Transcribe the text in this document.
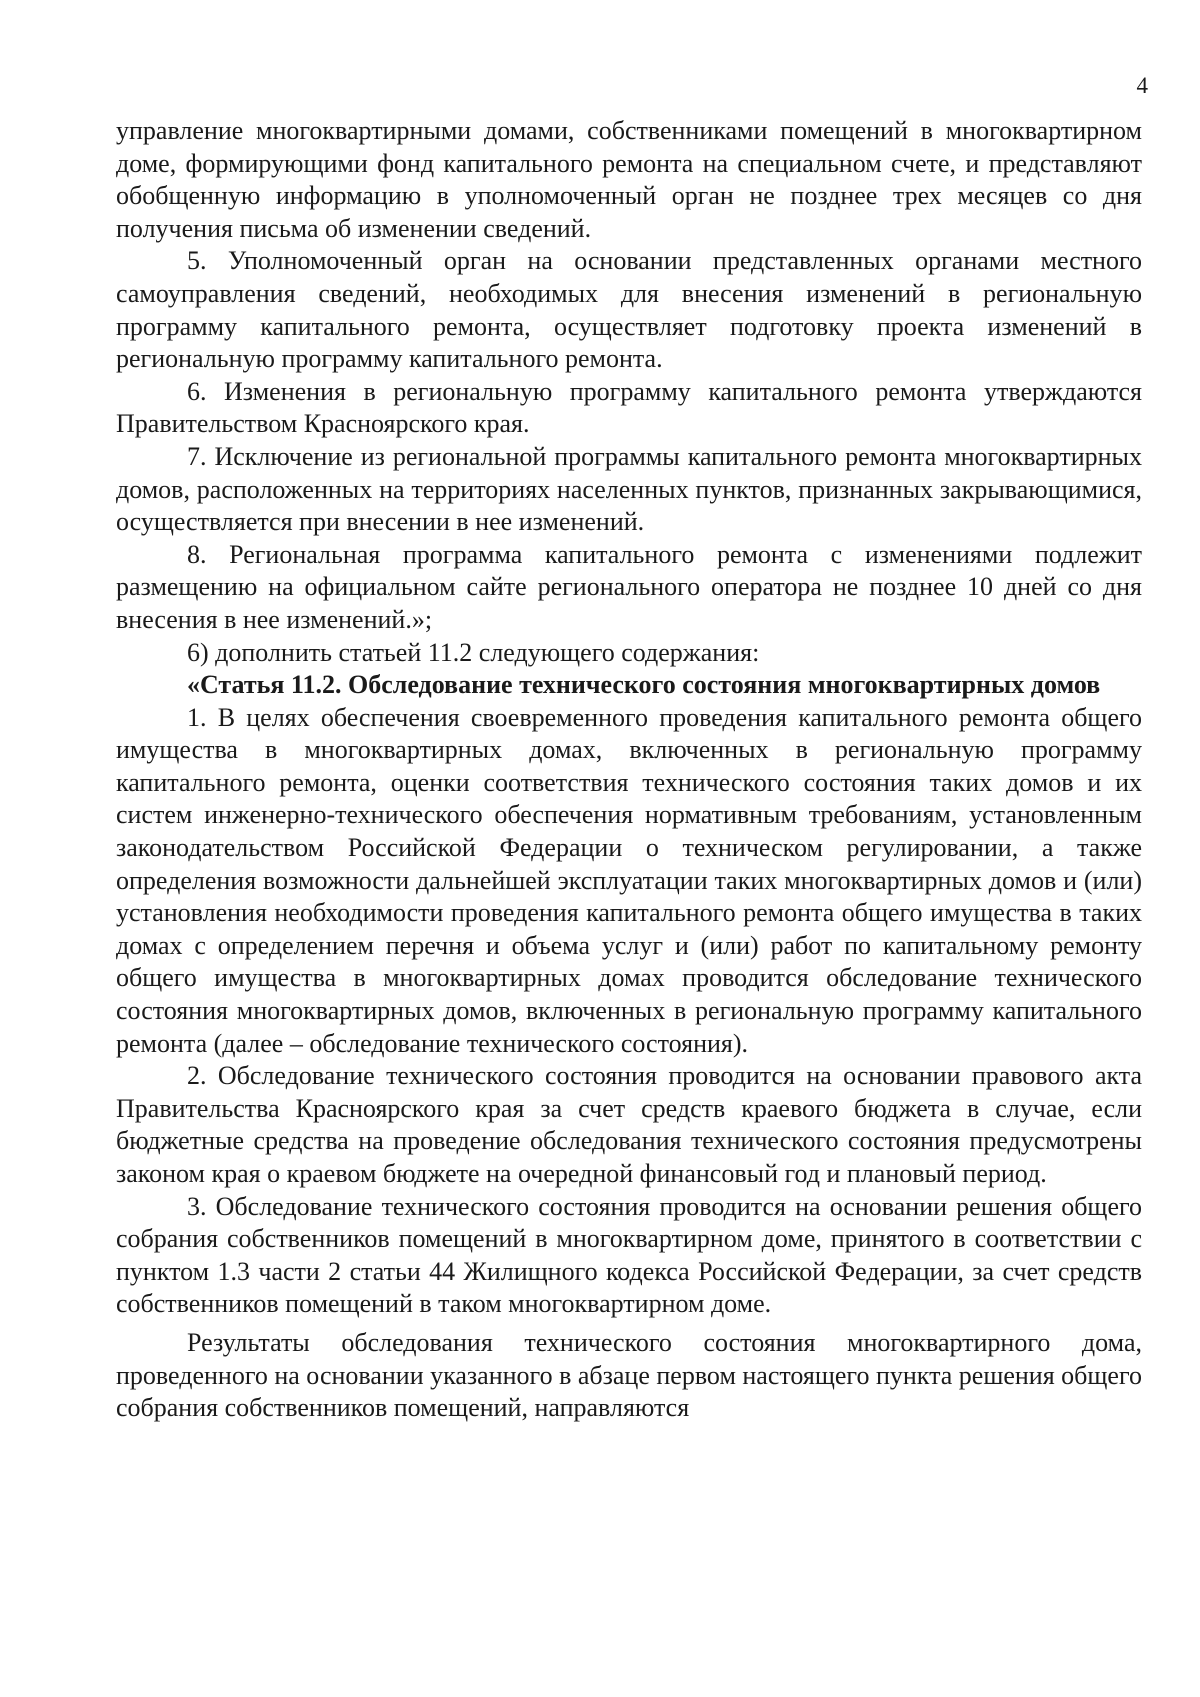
4

управление многоквартирными домами, собственниками помещений в многоквартирном доме, формирующими фонд капитального ремонта на специальном счете, и представляют обобщенную информацию в уполномоченный орган не позднее трех месяцев со дня получения письма об изменении сведений.

5. Уполномоченный орган на основании представленных органами местного самоуправления сведений, необходимых для внесения изменений в региональную программу капитального ремонта, осуществляет подготовку проекта изменений в региональную программу капитального ремонта.

6. Изменения в региональную программу капитального ремонта утверждаются Правительством Красноярского края.

7. Исключение из региональной программы капитального ремонта многоквартирных домов, расположенных на территориях населенных пунктов, признанных закрывающимися, осуществляется при внесении в нее изменений.

8. Региональная программа капитального ремонта с изменениями подлежит размещению на официальном сайте регионального оператора не позднее 10 дней со дня внесения в нее изменений.»;

6) дополнить статьей 11.2 следующего содержания:

«Статья 11.2. Обследование технического состояния многоквартирных домов

1. В целях обеспечения своевременного проведения капитального ремонта общего имущества в многоквартирных домах, включенных в региональную программу капитального ремонта, оценки соответствия технического состояния таких домов и их систем инженерно-технического обеспечения нормативным требованиям, установленным законодательством Российской Федерации о техническом регулировании, а также определения возможности дальнейшей эксплуатации таких многоквартирных домов и (или) установления необходимости проведения капитального ремонта общего имущества в таких домах с определением перечня и объема услуг и (или) работ по капитальному ремонту общего имущества в многоквартирных домах проводится обследование технического состояния многоквартирных домов, включенных в региональную программу капитального ремонта (далее – обследование технического состояния).

2. Обследование технического состояния проводится на основании правового акта Правительства Красноярского края за счет средств краевого бюджета в случае, если бюджетные средства на проведение обследования технического состояния предусмотрены законом края о краевом бюджете на очередной финансовый год и плановый период.

3. Обследование технического состояния проводится на основании решения общего собрания собственников помещений в многоквартирном доме, принятого в соответствии с пунктом 1.3 части 2 статьи 44 Жилищного кодекса Российской Федерации, за счет средств собственников помещений в таком многоквартирном доме.

Результаты обследования технического состояния многоквартирного дома, проведенного на основании указанного в абзаце первом настоящего пункта решения общего собрания собственников помещений, направляются
